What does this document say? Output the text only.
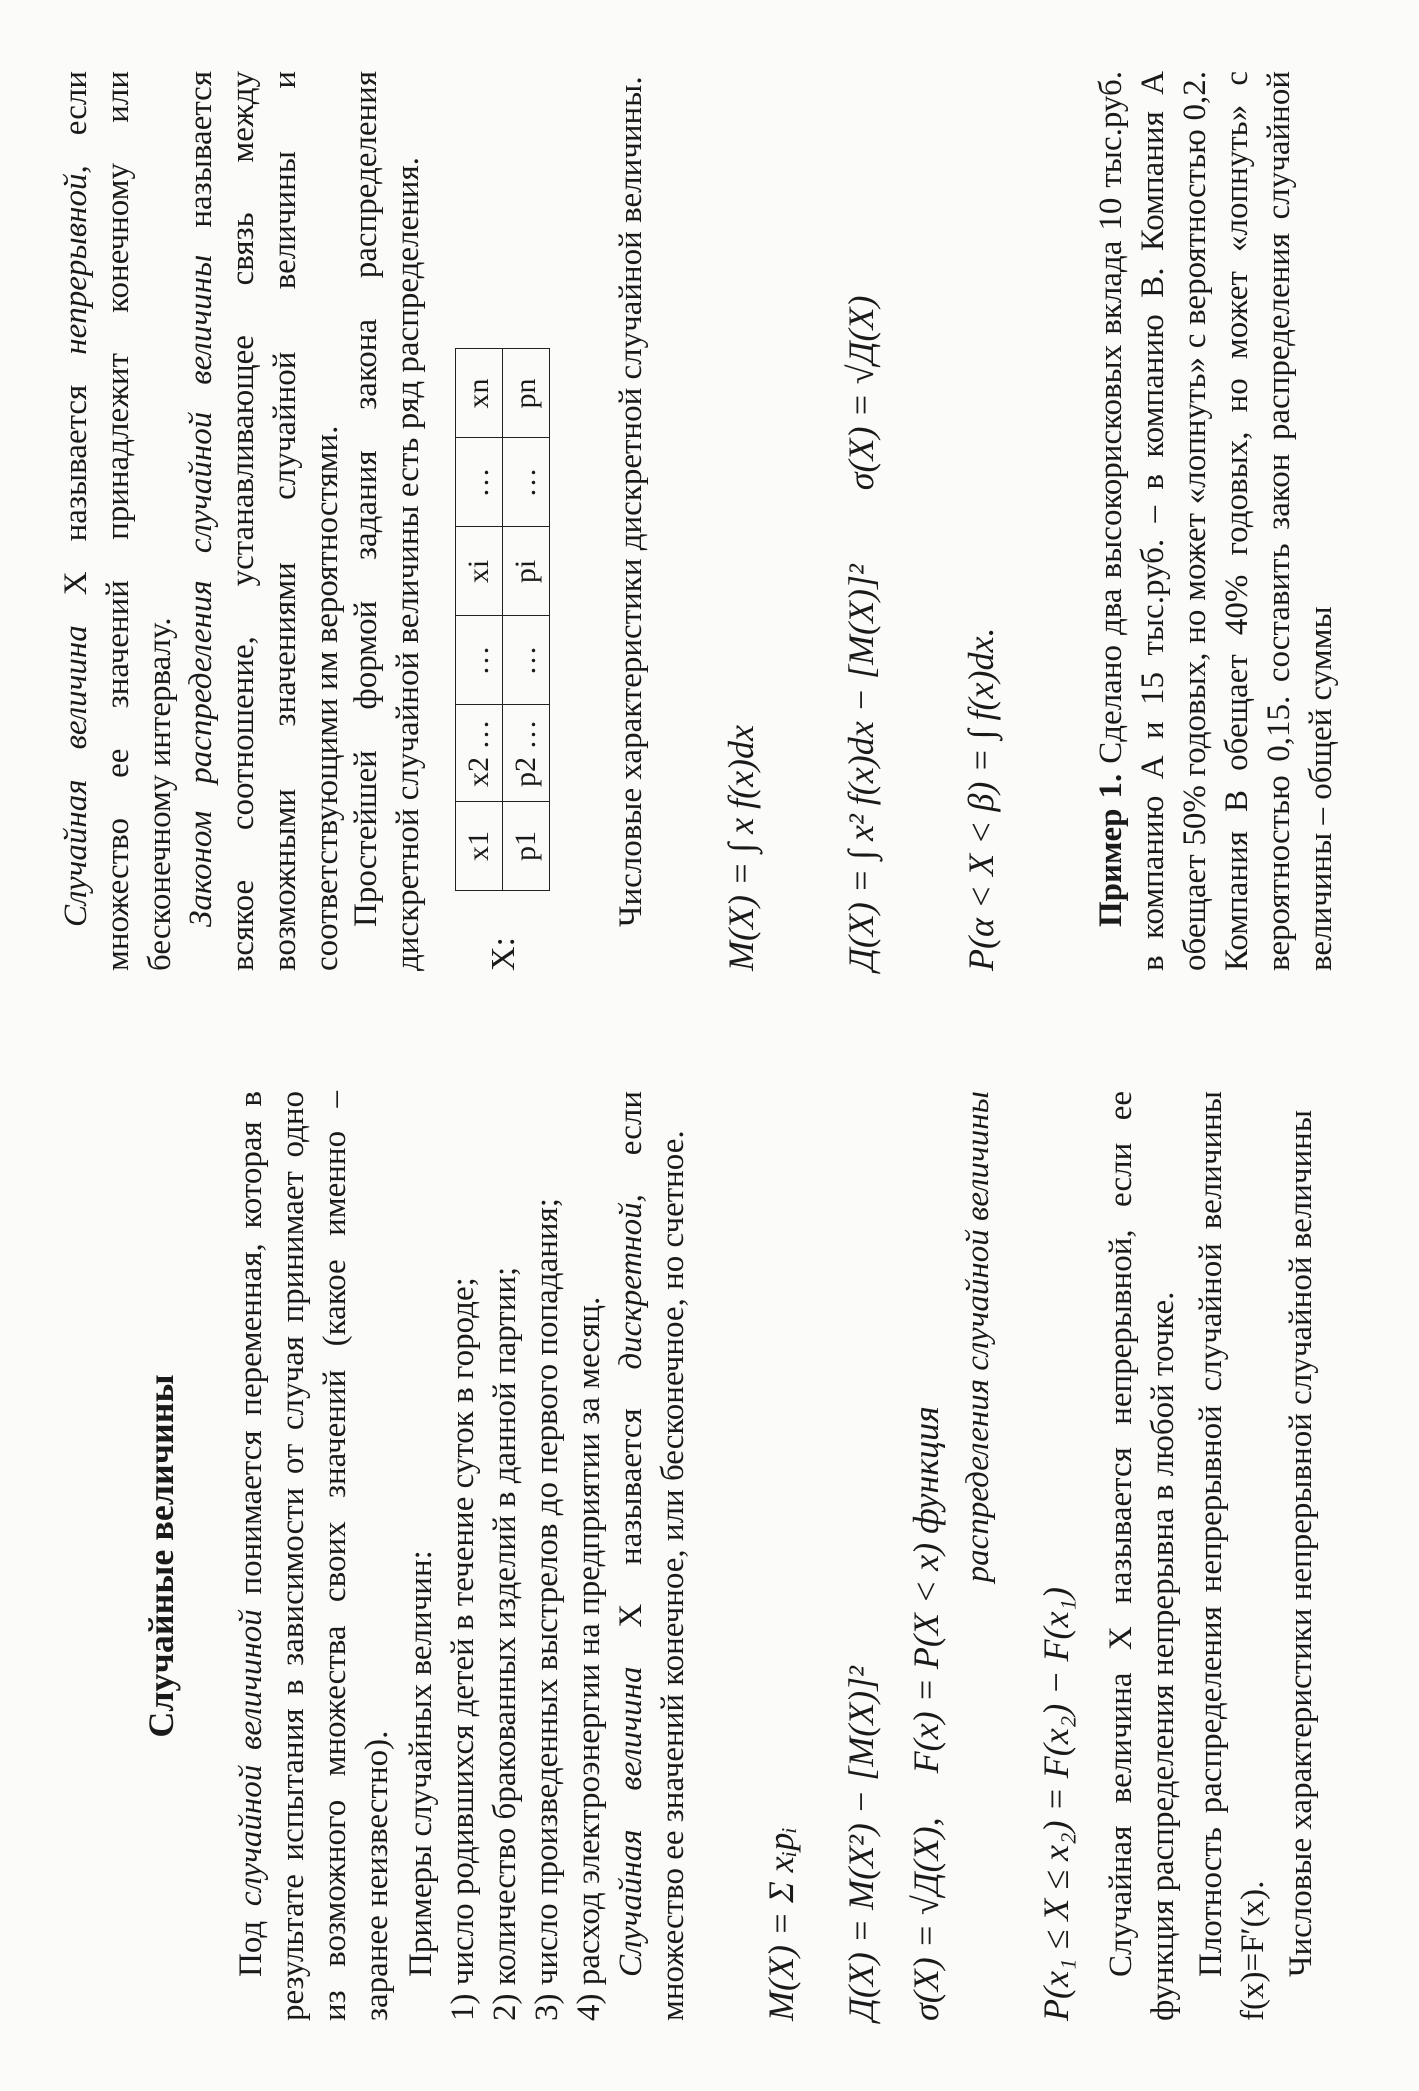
Случайные величины

Под случайной величиной понимается переменная, которая в результате испытания в зависимости от случая принимает одно из возможного множества своих значений (какое именно – заранее неизвестно). Примеры случайных величин: 1) число родившихся детей в течение суток в городе; 2) количество бракованных изделий в данной партии; 3) число произведенных выстрелов до первого попадания; 4) расход электроэнергии на предприятии за месяц. Случайная величина X называется дискретной, если множество ее значений конечное, или бесконечное, но счетное. M(X) = Σ xᵢpᵢ Д(X) = M(X²) − [M(X)]² σ(X) = √Д(X), F(x) = P(X < x) функция
распределения случайной величины
P(x₁ ≤ X ≤ x₂) = F(x₂) − F(x₁) Случайная величина X называется непрерывной, если ее функция распределения непрерывна в любой точке. Плотность распределения непрерывной случайной величины f(x)=F′(x). Числовые характеристики непрерывной случайной величины

Случайная величина X называется непрерывной, если множество ее значений принадлежит конечному или бесконечному интервалу. Законом распределения случайной величины называется всякое соотношение, устанавливающее связь между возможными значениями случайной величины и соответствующими им вероятностями. Простейшей формой задания закона распределения дискретной случайной величины есть ряд распределения. X:
x1	x2 …	…	xi	…	xn
p1	p2 …	…	pi	…	pn Числовые характеристики дискретной случайной величины. M(X) = ∫ x f(x)dx Д(X) = ∫ x² f(x)dx − [M(X)]² σ(X) = √Д(X)
P(α < X < β) = ∫ f(x)dx.	Пример 1. Сделано два высокорисковых вклада 10 тыс.руб. в компанию А и 15 тыс.руб. – в компанию В. Компания А обещает 50% годовых, но может «лопнуть» с вероятностью 0,2. Компания В обещает 40% годовых, но может «лопнуть» с вероятностью 0,15. составить закон распределения случайной величины – общей суммы
